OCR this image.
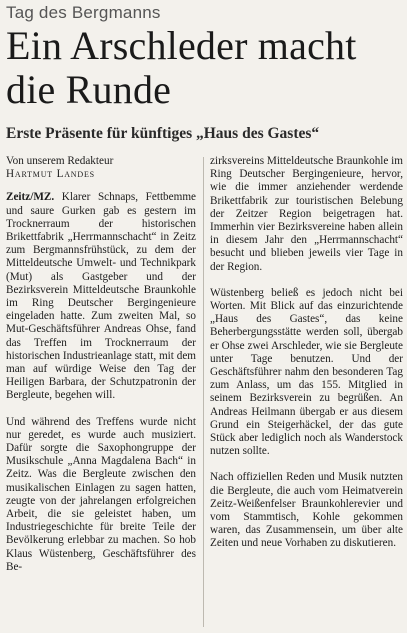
Tag des Bergmanns
Ein Arschleder macht die Runde
Erste Präsente für künftiges „Haus des Gastes“
Von unserem Redakteur
Hartmut Landes

Zeitz/MZ. Klarer Schnaps, Fettbemme und saure Gurken gab es gestern im Trocknerraum der historischen Brikettfabrik „Herrmannschacht“ in Zeitz zum Bergmannsfrühstück, zu dem der Mitteldeutsche Umwelt- und Technikpark (Mut) als Gastgeber und der Bezirksverein Mitteldeutsche Braunkohle im Ring Deutscher Bergingenieure eingeladen hatte. Zum zweiten Mal, so Mut-Geschäftsführer Andreas Ohse, fand das Treffen im Trocknerraum der historischen Industrieanlage statt, mit dem man auf würdige Weise den Tag der Heiligen Barbara, der Schutzpatronin der Bergleute, begehen will.

Und während des Treffens wurde nicht nur geredet, es wurde auch musiziert. Dafür sorgte die Saxophongruppe der Musikschule „Anna Magdalena Bach“ in Zeitz. Was die Bergleute zwischen den musikalischen Einlagen zu sagen hatten, zeugte von der jahrelangen erfolgreichen Arbeit, die sie geleistet haben, um Industriegeschichte für breite Teile der Bevölkerung erlebbar zu machen. So hob Klaus Wüstenberg, Geschäftsführer des Be-

zirksvereins Mitteldeutsche Braunkohle im Ring Deutscher Bergingenieure, hervor, wie die immer anziehender werdende Brikettfabrik zur touristischen Belebung der Zeitzer Region beigetragen hat. Immerhin vier Bezirksvereine haben allein in diesem Jahr den „Herrmannschacht“ besucht und blieben jeweils vier Tage in der Region.

Wüstenberg beließ es jedoch nicht bei Worten. Mit Blick auf das einzurichtende „Haus des Gastes“, das keine Beherbergungsstätte werden soll, übergab er Ohse zwei Arschleder, wie sie Bergleute unter Tage benutzen. Und der Geschäftsführer nahm den besonderen Tag zum Anlass, um das 155. Mitglied in seinem Bezirksverein zu begrüßen. An Andreas Heilmann übergab er aus diesem Grund ein Steigerhäckel, der das gute Stück aber lediglich noch als Wanderstock nutzen sollte.

Nach offiziellen Reden und Musik nutzten die Bergleute, die auch vom Heimatverein Zeitz-Weißenfelser Braunkohlerevier und vom Stammtisch, Kohle gekommen waren, das Zusammensein, um über alte Zeiten und neue Vorhaben zu diskutieren.
